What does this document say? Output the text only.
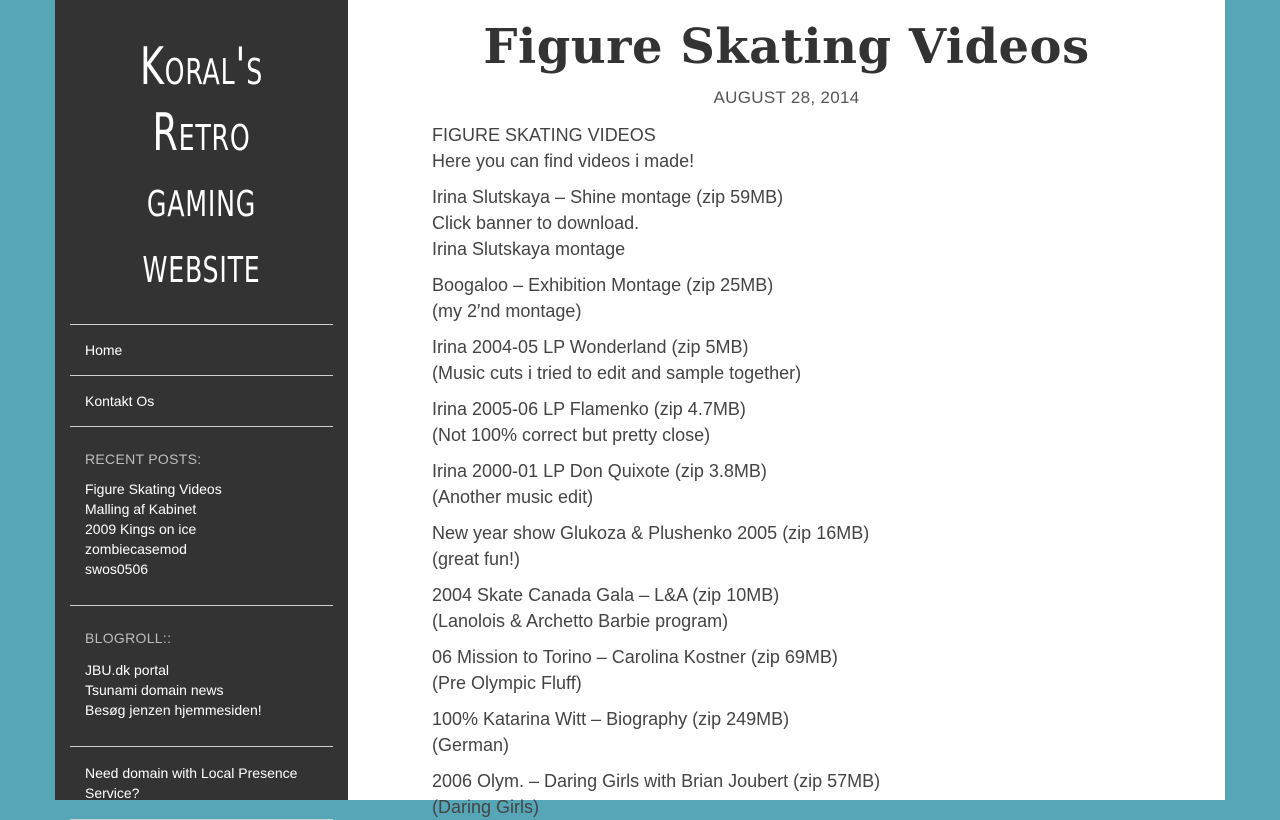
Koral's Retro gaming website
Home
Kontakt Os
RECENT POSTS:
Figure Skating Videos
Malling af Kabinet
2009 Kings on ice
zombiecasemod
swos0506
BLOGROLL::
JBU.dk portal
Tsunami domain news
Besøg jenzen hjemmesiden!
Need domain with Local Presence Service?
Figure Skating Videos
AUGUST 28, 2014

FIGURE SKATING VIDEOS
Here you can find videos i made!

Irina Slutskaya – Shine montage (zip 59MB)
Click banner to download.
Irina Slutskaya montage

Boogaloo – Exhibition Montage (zip 25MB)
(my 2′nd montage)

Irina 2004-05 LP Wonderland (zip 5MB)
(Music cuts i tried to edit and sample together)

Irina 2005-06 LP Flamenko (zip 4.7MB)
(Not 100% correct but pretty close)

Irina 2000-01 LP Don Quixote (zip 3.8MB)
(Another music edit)

New year show Glukoza & Plushenko 2005 (zip 16MB)
(great fun!)

2004 Skate Canada Gala – L&A (zip 10MB)
(Lanolois & Archetto Barbie program)

06 Mission to Torino – Carolina Kostner (zip 69MB)
(Pre Olympic Fluff)

100% Katarina Witt – Biography (zip 249MB)
(German)

2006 Olym. – Daring Girls with Brian Joubert (zip 57MB)
(Daring Girls)
